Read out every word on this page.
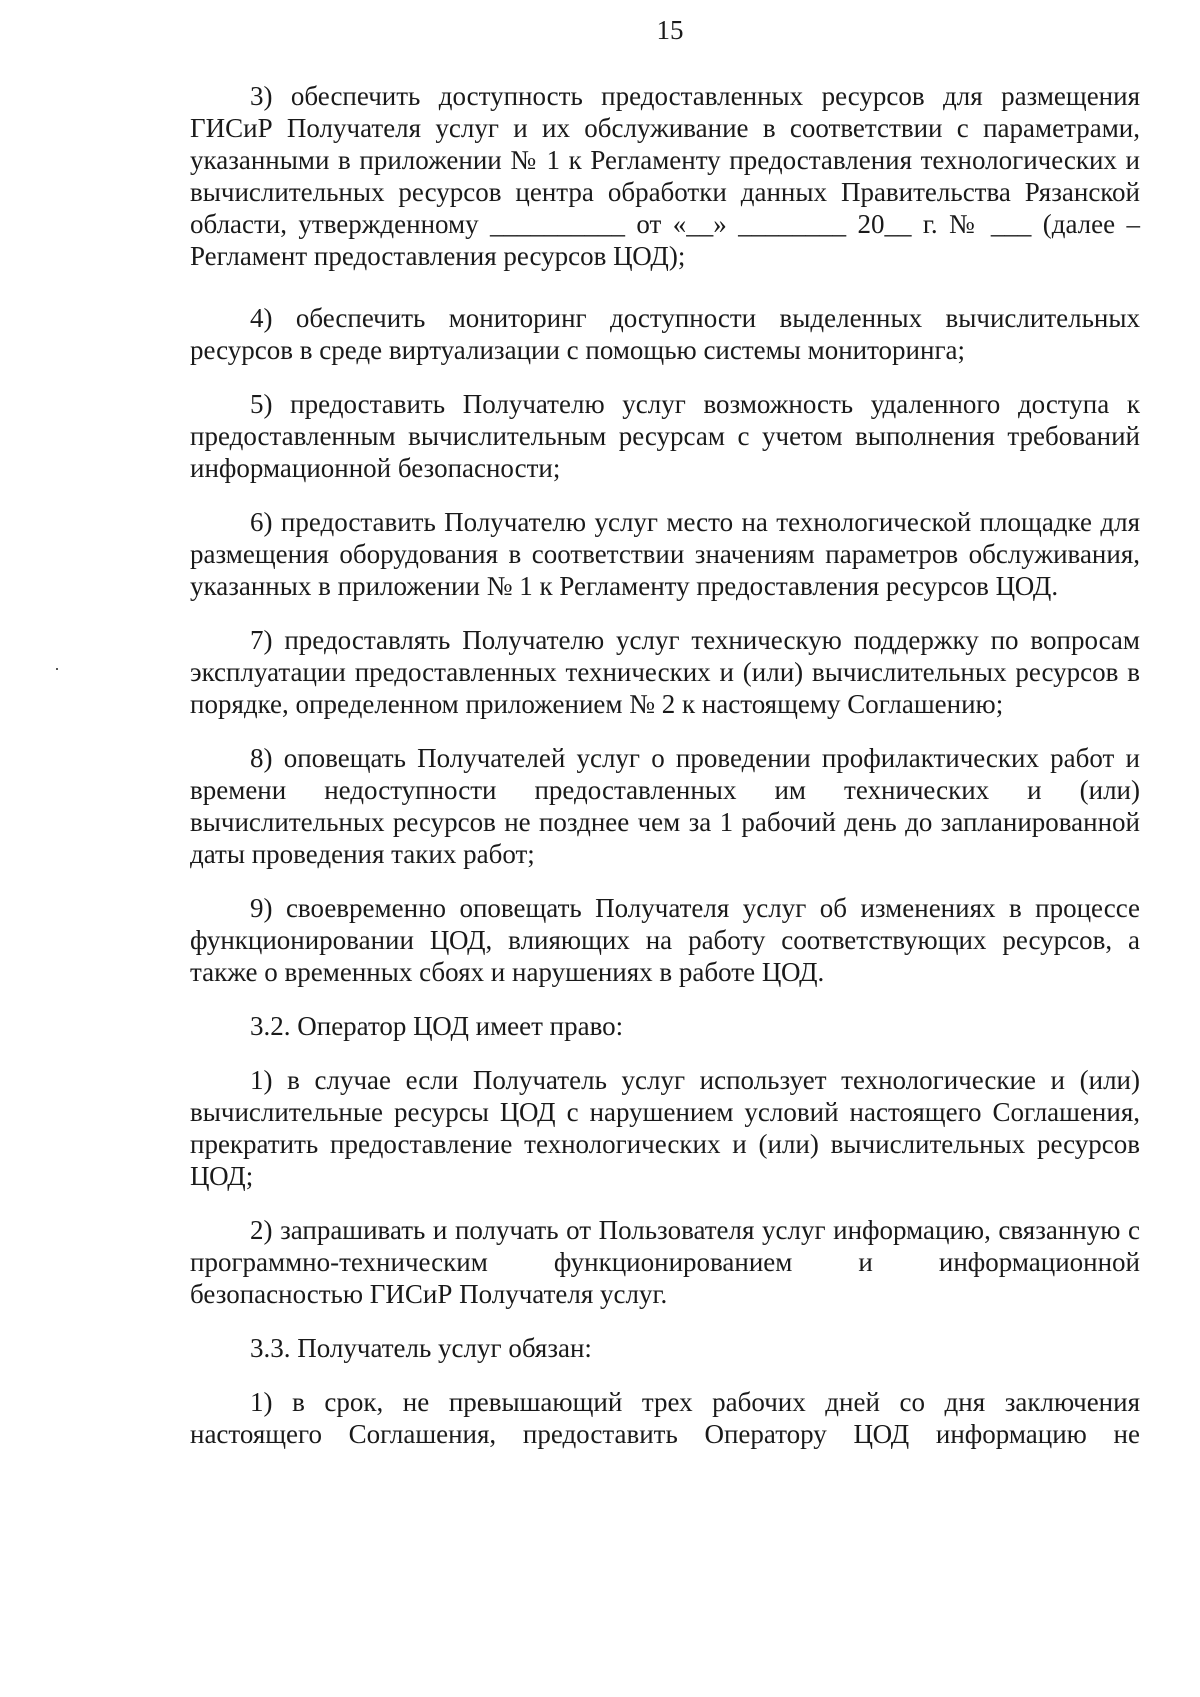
15

3) обеспечить доступность предоставленных ресурсов для размещения ГИСиР Получателя услуг и их обслуживание в соответствии с параметрами, указанными в приложении № 1 к Регламенту предоставления технологических и вычислительных ресурсов центра обработки данных Правительства Рязанской области, утвержденному __________ от «__» ________ 20__ г. № ___ (далее – Регламент предоставления ресурсов ЦОД);

4) обеспечить мониторинг доступности выделенных вычислительных ресурсов в среде виртуализации с помощью системы мониторинга;

5) предоставить Получателю услуг возможность удаленного доступа к предоставленным вычислительным ресурсам с учетом выполнения требований информационной безопасности;

6) предоставить Получателю услуг место на технологической площадке для размещения оборудования в соответствии значениям параметров обслуживания, указанных в приложении № 1 к Регламенту предоставления ресурсов ЦОД.

7) предоставлять Получателю услуг техническую поддержку по вопросам эксплуатации предоставленных технических и (или) вычислительных ресурсов в порядке, определенном приложением № 2 к настоящему Соглашению;

8) оповещать Получателей услуг о проведении профилактических работ и времени недоступности предоставленных им технических и (или) вычислительных ресурсов не позднее чем за 1 рабочий день до запланированной даты проведения таких работ;

9) своевременно оповещать Получателя услуг об изменениях в процессе функционировании ЦОД, влияющих на работу соответствующих ресурсов, а также о временных сбоях и нарушениях в работе ЦОД.

3.2. Оператор ЦОД имеет право:

1) в случае если Получатель услуг использует технологические и (или) вычислительные ресурсы ЦОД с нарушением условий настоящего Соглашения, прекратить предоставление технологических и (или) вычислительных ресурсов ЦОД;

2) запрашивать и получать от Пользователя услуг информацию, связанную с программно-техническим функционированием и информационной безопасностью ГИСиР Получателя услуг.

3.3. Получатель услуг обязан:

1) в срок, не превышающий трех рабочих дней со дня заключения настоящего Соглашения, предоставить Оператору ЦОД информацию не
